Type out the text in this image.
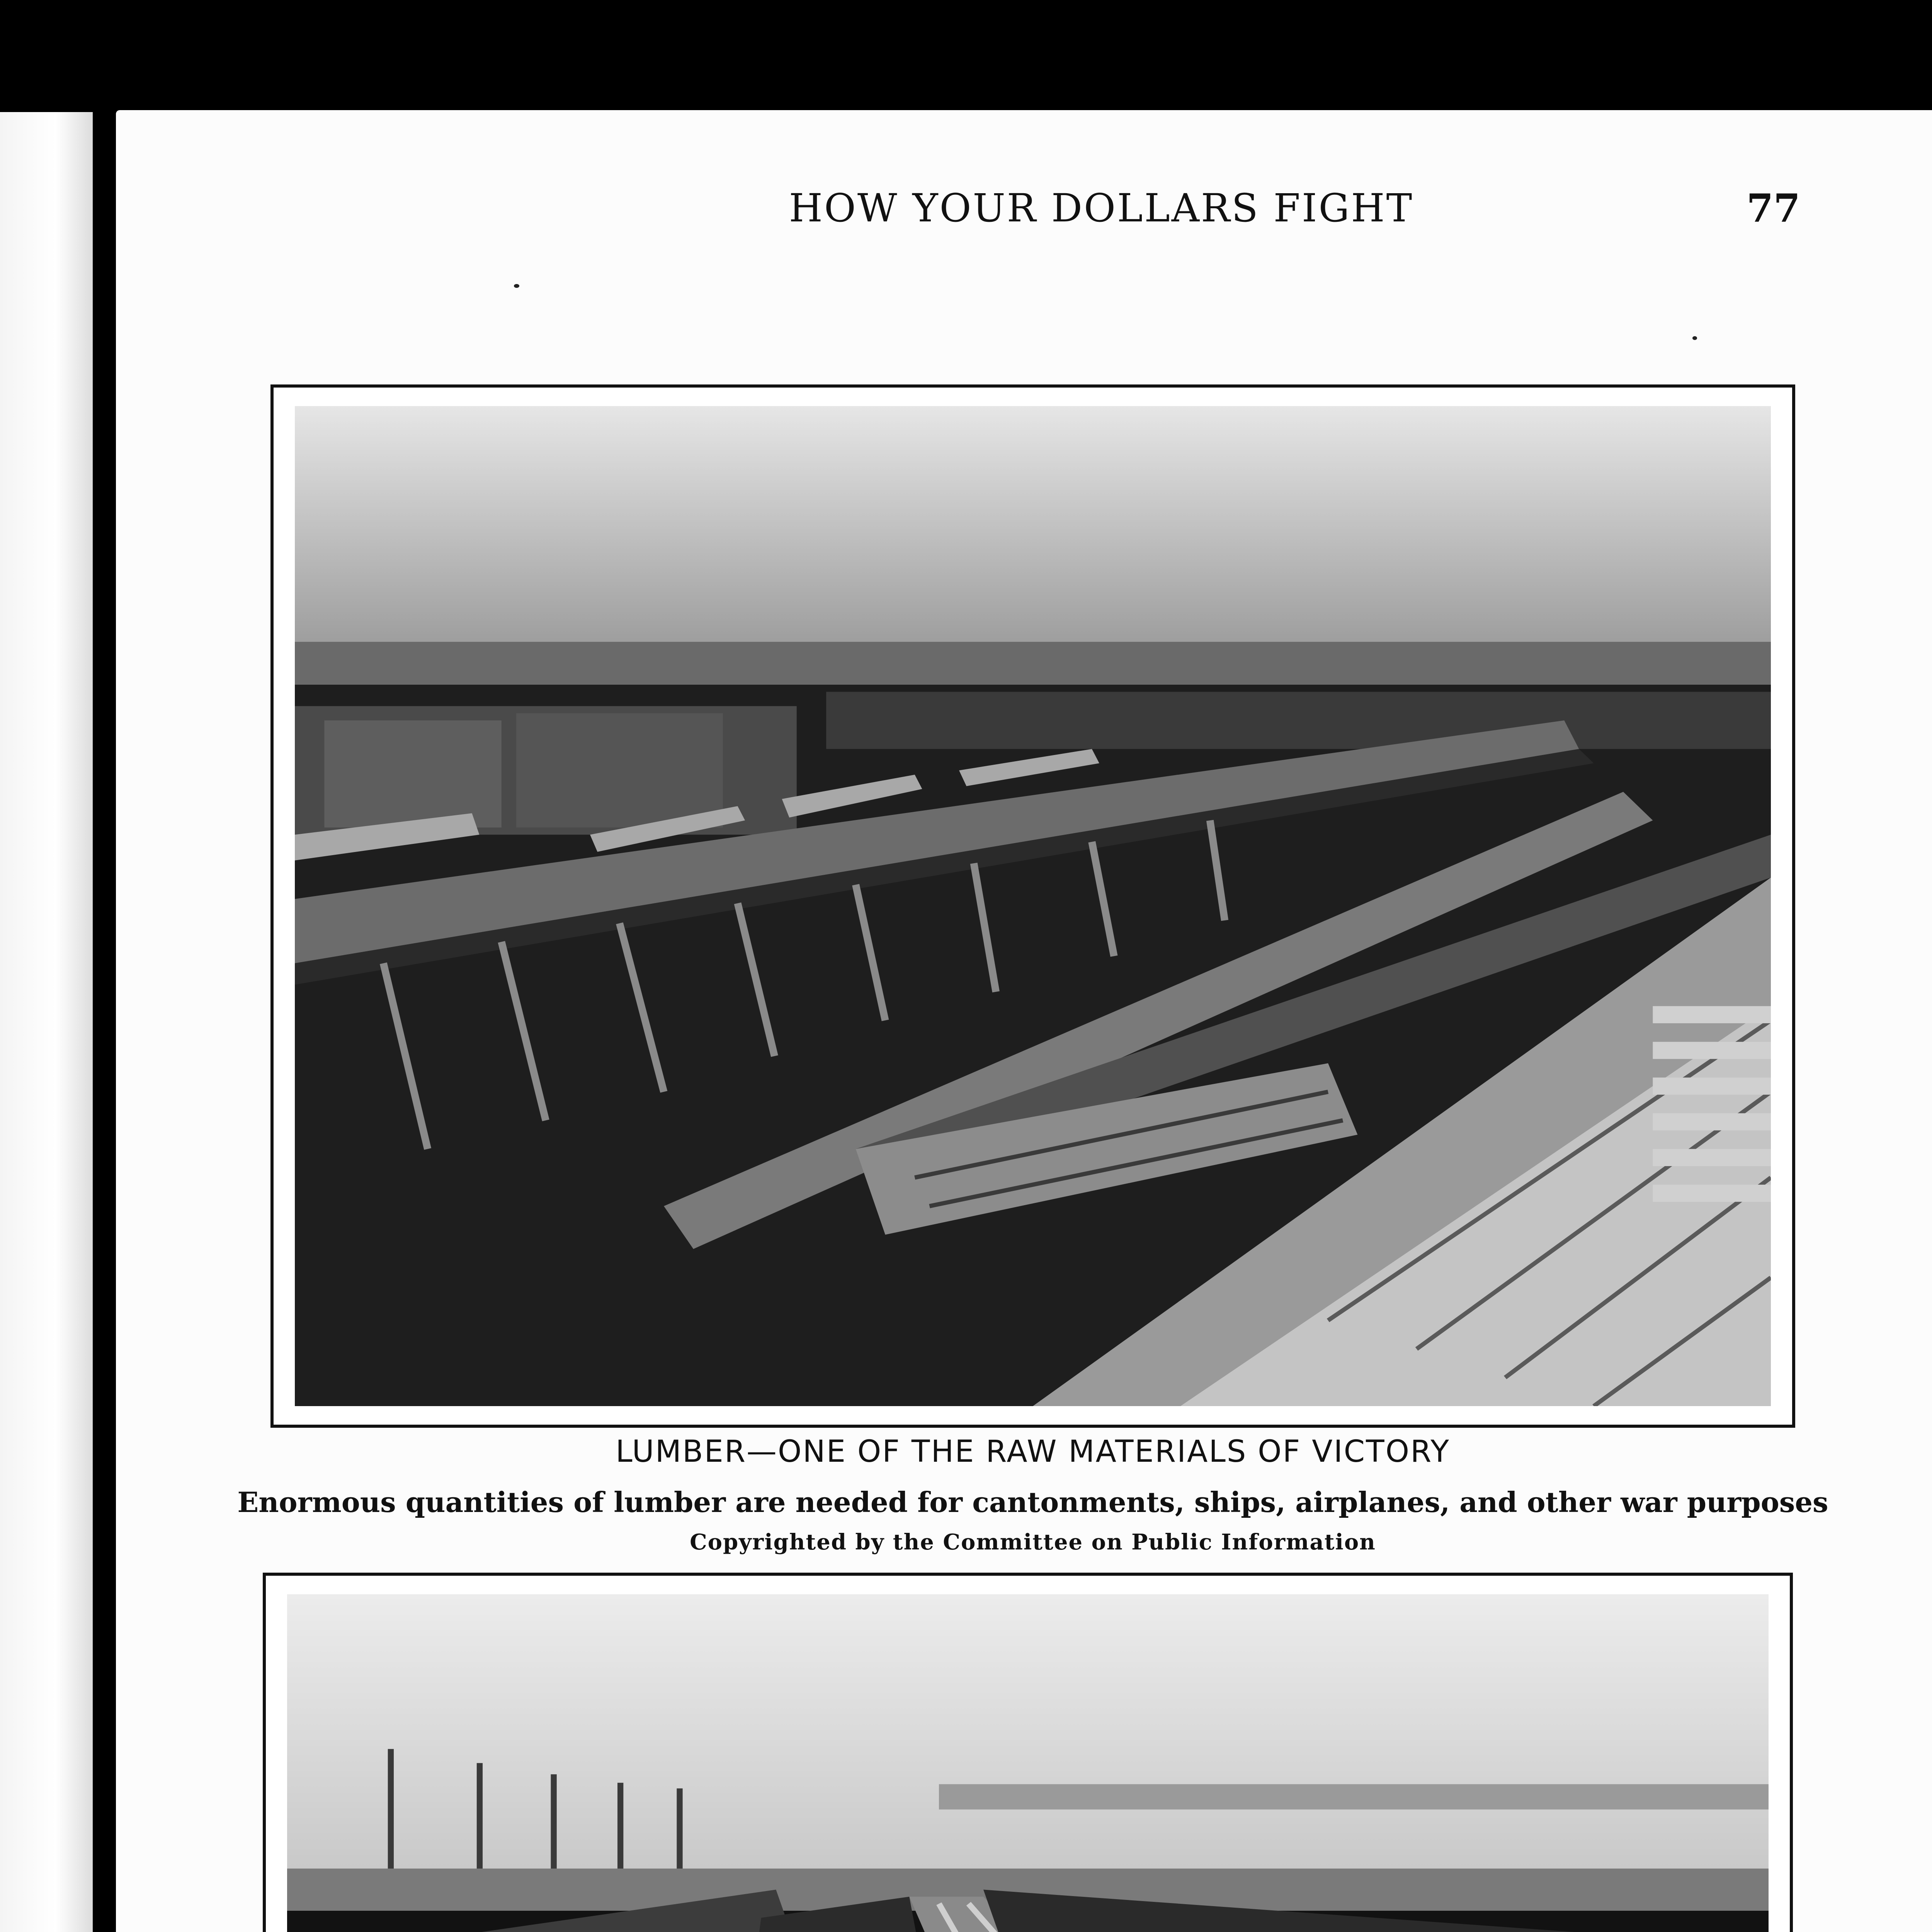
HOW YOUR DOLLARS FIGHT	77
LUMBER—ONE OF THE RAW MATERIALS OF VICTORY
Enormous quantities of lumber are needed for cantonments, ships, airplanes, and other war purposes
Copyrighted by the Committee on Public Information
